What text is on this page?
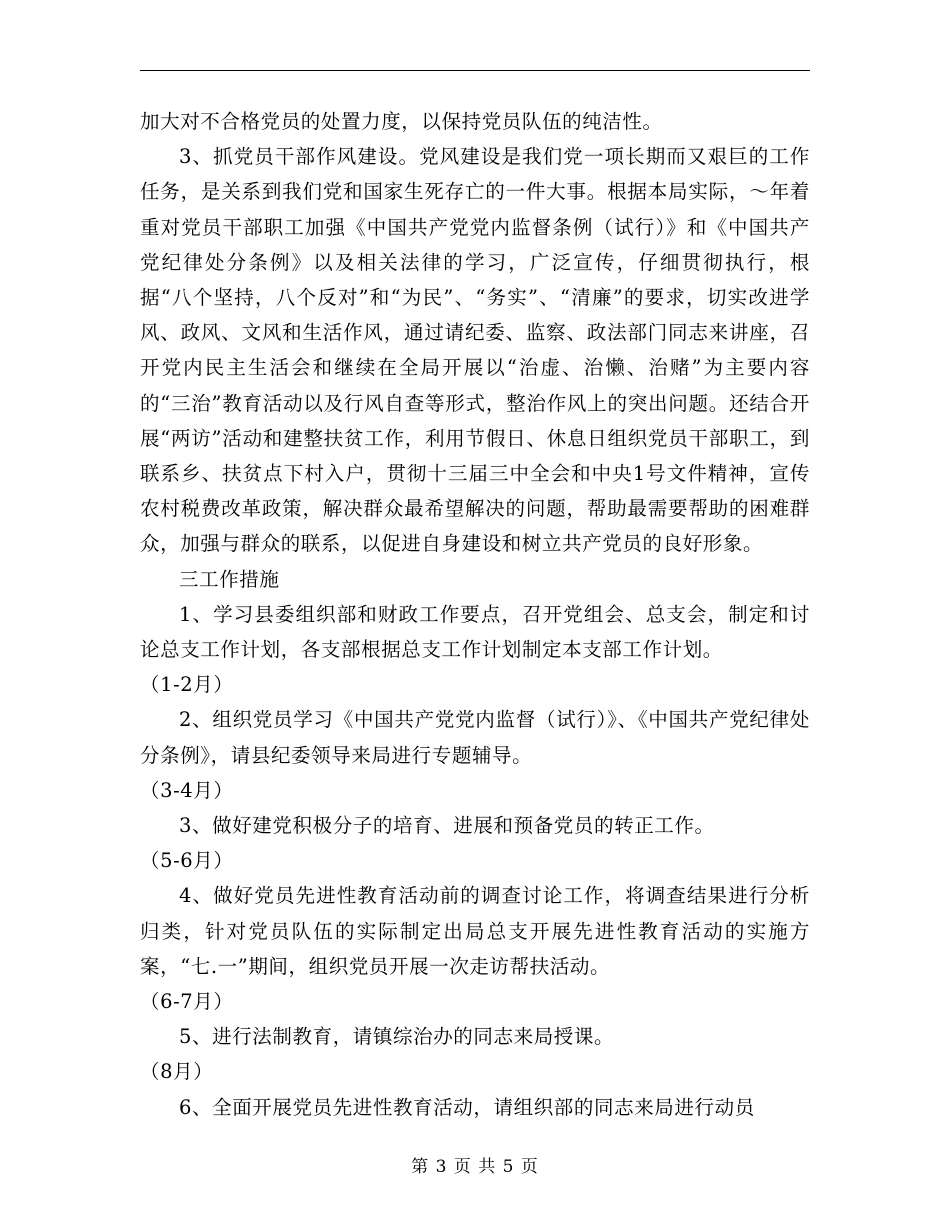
加大对不合格党员的处置力度，以保持党员队伍的纯洁性。

3、抓党员干部作风建设。党风建设是我们党一项长期而又艰巨的工作任务，是关系到我们党和国家生死存亡的一件大事。根据本局实际，～年着重对党员干部职工加强《中国共产党党内监督条例（试行）》和《中国共产党纪律处分条例》以及相关法律的学习，广泛宣传，仔细贯彻执行，根据“八个坚持，八个反对”和“为民”、“务实”、“清廉”的要求，切实改进学风、政风、文风和生活作风，通过请纪委、监察、政法部门同志来讲座，召开党内民主生活会和继续在全局开展以“治虚、治懒、治赌”为主要内容的“三治”教育活动以及行风自查等形式，整治作风上的突出问题。还结合开展“两访”活动和建整扶贫工作，利用节假日、休息日组织党员干部职工，到联系乡、扶贫点下村入户，贯彻十三届三中全会和中央1号文件精神，宣传农村税费改革政策，解决群众最希望解决的问题，帮助最需要帮助的困难群众，加强与群众的联系，以促进自身建设和树立共产党员的良好形象。

三工作措施

1、学习县委组织部和财政工作要点，召开党组会、总支会，制定和讨论总支工作计划，各支部根据总支工作计划制定本支部工作计划。

（1-2月）

2、组织党员学习《中国共产党党内监督（试行）》、《中国共产党纪律处分条例》，请县纪委领导来局进行专题辅导。

（3-4月）

3、做好建党积极分子的培育、进展和预备党员的转正工作。

（5-6月）

4、做好党员先进性教育活动前的调查讨论工作，将调查结果进行分析归类，针对党员队伍的实际制定出局总支开展先进性教育活动的实施方案，“七.一”期间，组织党员开展一次走访帮扶活动。

（6-7月）

5、进行法制教育，请镇综治办的同志来局授课。

（8月）

6、全面开展党员先进性教育活动，请组织部的同志来局进行动员

第 3 页 共 5 页
